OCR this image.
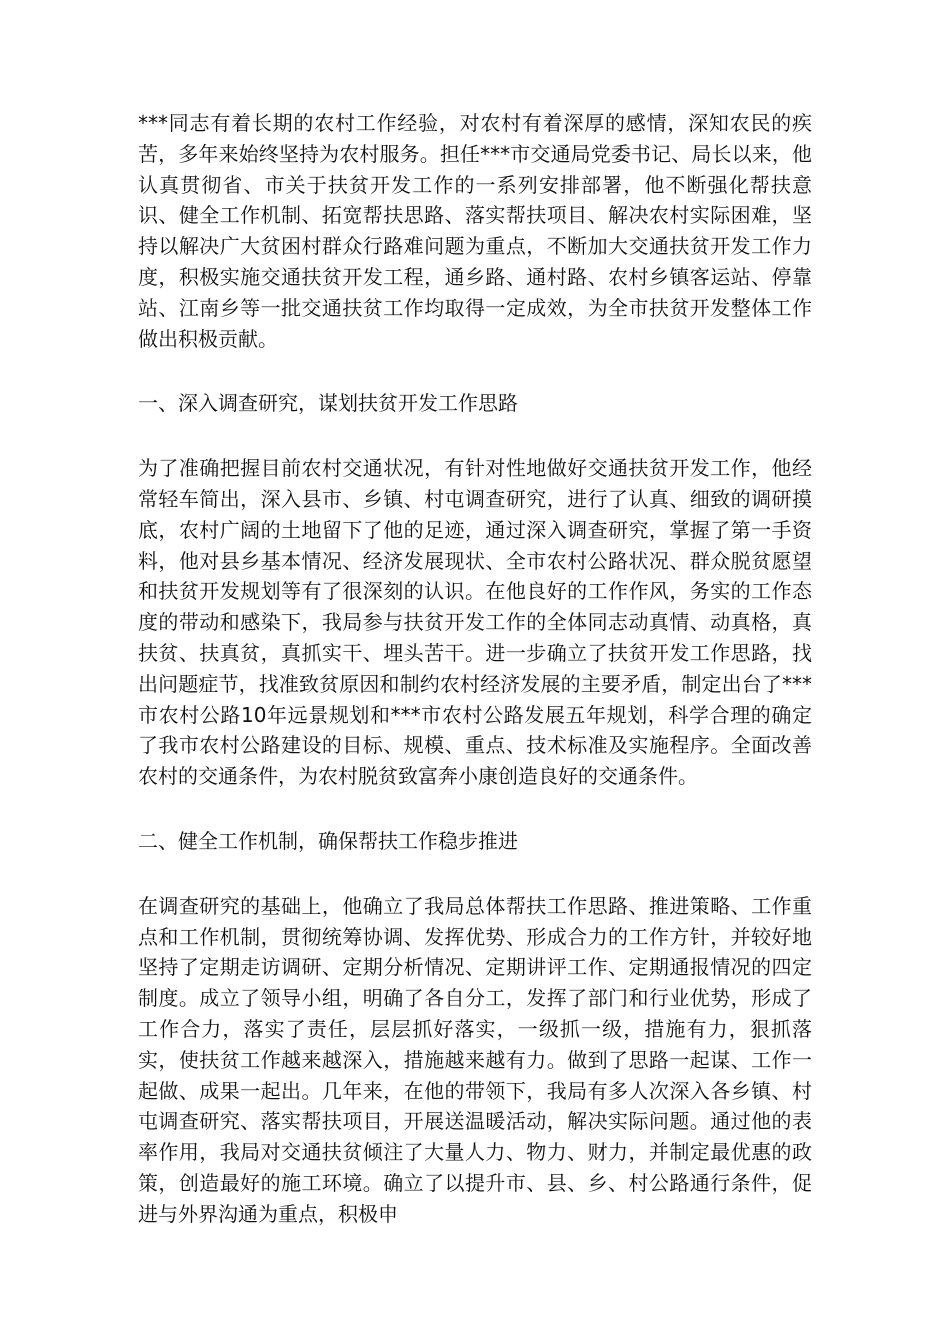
***同志有着长期的农村工作经验，对农村有着深厚的感情，深知农民的疾苦，多年来始终坚持为农村服务。担任***市交通局党委书记、局长以来，他认真贯彻省、市关于扶贫开发工作的一系列安排部署，他不断强化帮扶意识、健全工作机制、拓宽帮扶思路、落实帮扶项目、解决农村实际困难，坚持以解决广大贫困村群众行路难问题为重点，不断加大交通扶贫开发工作力度，积极实施交通扶贫开发工程，通乡路、通村路、农村乡镇客运站、停靠站、江南乡等一批交通扶贫工作均取得一定成效，为全市扶贫开发整体工作做出积极贡献。

一、深入调查研究，谋划扶贫开发工作思路

为了准确把握目前农村交通状况，有针对性地做好交通扶贫开发工作，他经常轻车简出，深入县市、乡镇、村屯调查研究，进行了认真、细致的调研摸底，农村广阔的土地留下了他的足迹，通过深入调查研究，掌握了第一手资料，他对县乡基本情况、经济发展现状、全市农村公路状况、群众脱贫愿望和扶贫开发规划等有了很深刻的认识。在他良好的工作作风，务实的工作态度的带动和感染下，我局参与扶贫开发工作的全体同志动真情、动真格，真扶贫、扶真贫，真抓实干、埋头苦干。进一步确立了扶贫开发工作思路，找出问题症节，找准致贫原因和制约农村经济发展的主要矛盾，制定出台了***市农村公路10年远景规划和***市农村公路发展五年规划，科学合理的确定了我市农村公路建设的目标、规模、重点、技术标准及实施程序。全面改善农村的交通条件，为农村脱贫致富奔小康创造良好的交通条件。

二、健全工作机制，确保帮扶工作稳步推进

在调查研究的基础上，他确立了我局总体帮扶工作思路、推进策略、工作重点和工作机制，贯彻统筹协调、发挥优势、形成合力的工作方针，并较好地坚持了定期走访调研、定期分析情况、定期讲评工作、定期通报情况的四定制度。成立了领导小组，明确了各自分工，发挥了部门和行业优势，形成了工作合力，落实了责任，层层抓好落实，一级抓一级，措施有力，狠抓落实，使扶贫工作越来越深入，措施越来越有力。做到了思路一起谋、工作一起做、成果一起出。几年来，在他的带领下，我局有多人次深入各乡镇、村屯调查研究、落实帮扶项目，开展送温暖活动，解决实际问题。通过他的表率作用，我局对交通扶贫倾注了大量人力、物力、财力，并制定最优惠的政策，创造最好的施工环境。确立了以提升市、县、乡、村公路通行条件，促进与外界沟通为重点，积极申
